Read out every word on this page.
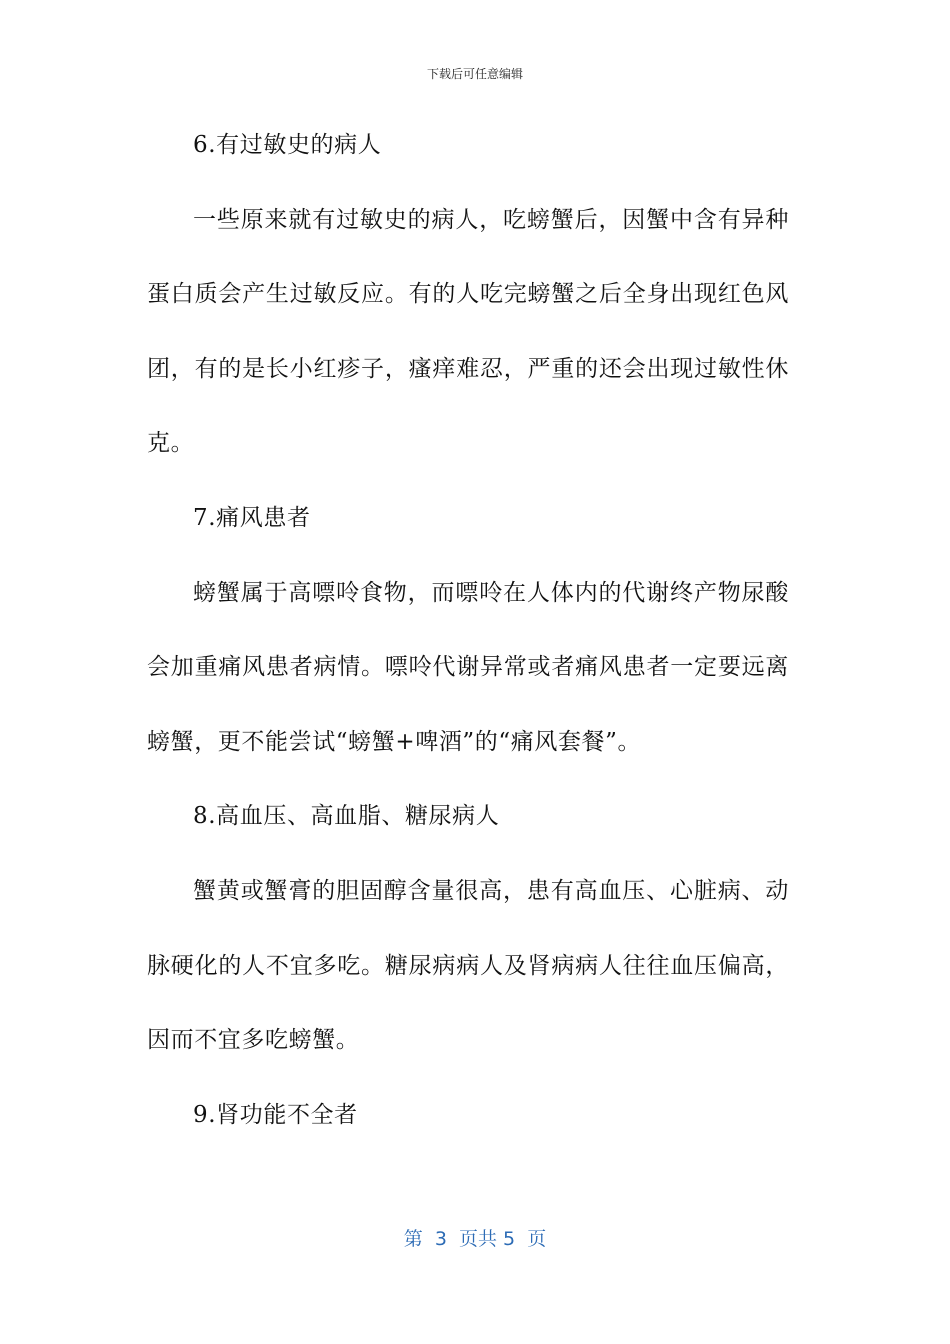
下载后可任意编辑
6.有过敏史的病人
一些原来就有过敏史的病人，吃螃蟹后，因蟹中含有异种
蛋白质会产生过敏反应。有的人吃完螃蟹之后全身出现红色风
团，有的是长小红疹子，瘙痒难忍，严重的还会出现过敏性休
克。
7.痛风患者
螃蟹属于高嘌呤食物，而嘌呤在人体内的代谢终产物尿酸
会加重痛风患者病情。嘌呤代谢异常或者痛风患者一定要远离
螃蟹，更不能尝试“螃蟹+啤酒”的“痛风套餐”。
8.高血压、高血脂、糖尿病人
蟹黄或蟹膏的胆固醇含量很高，患有高血压、心脏病、动
脉硬化的人不宜多吃。糖尿病病人及肾病病人往往血压偏高，
因而不宜多吃螃蟹。
9.肾功能不全者
第  3  页共 5  页
